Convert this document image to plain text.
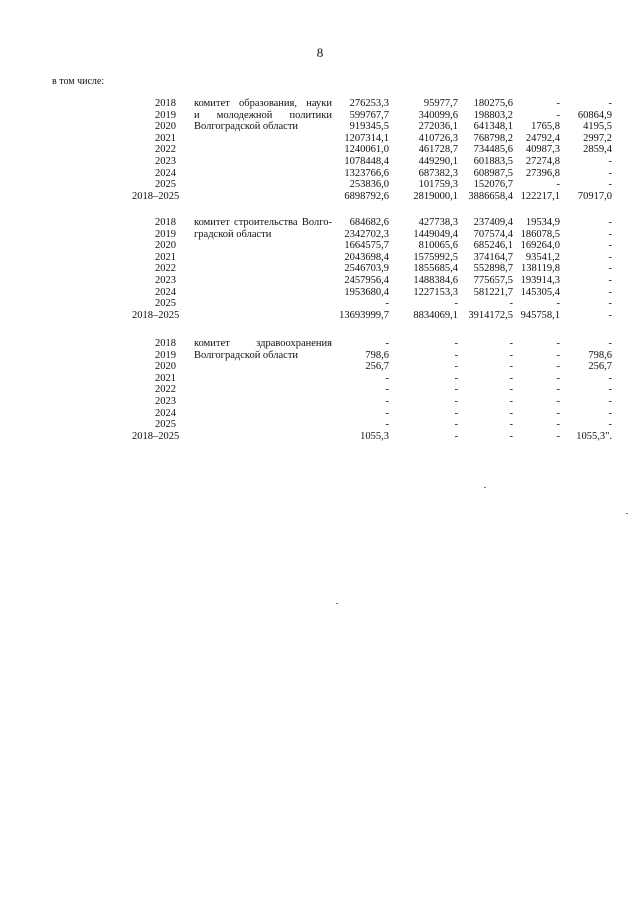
8
в том числе:
комитет образования, науки
и молодежной политики
Волгоградской области
2018	276253,3	95977,7 180275,6	-	-
2019	599767,7	340099,6 198803,2	- 60864,9
2020	919345,5	272036,1 641348,1 1765,8 4195,5
2021	1207314,1	410726,3 768798,2 24792,4 2997,2
2022	1240061,0	461728,7 734485,6 40987,3 2859,4
2023	1078448,4	449290,1 601883,5 27274,8	-
2024	1323766,6	687382,3 608987,5 27396,8	-
2025	253836,0	101759,3 152076,7	-	-
2018–2025	6898792,6 2819000,1 3886658,4 122217,1 70917,0
комитет строительства Волго-
градской области
2018	684682,6	427738,3 237409,4 19534,9	-
2019	2342702,3 1449049,4 707574,4 186078,5	-
2020	1664575,7	810065,6 685246,1 169264,0	-
2021	2043698,4 1575992,5 374164,7 93541,2	-
2022	2546703,9 1855685,4 552898,7 138119,8	-
2023	2457956,4 1488384,6 775657,5 193914,3	-
2024	1953680,4 1227153,3 581221,7 145305,4	-
2025	-	-	-	-	-
2018–2025	13693999,7 8834069,1 3914172,5 945758,1	-
комитет здравоохранения
Волгоградской области
2018	-	-	-	-	-
2019	798,6	-	-	-	798,6
2020	256,7	-	-	-	256,7
2021	-	-	-	-	-
2022	-	-	-	-	-
2023	-	-	-	-	-
2024	-	-	-	-	-
2025	-	-	-	-	-
2018–2025	1055,3	-	-	- 1055,3".
